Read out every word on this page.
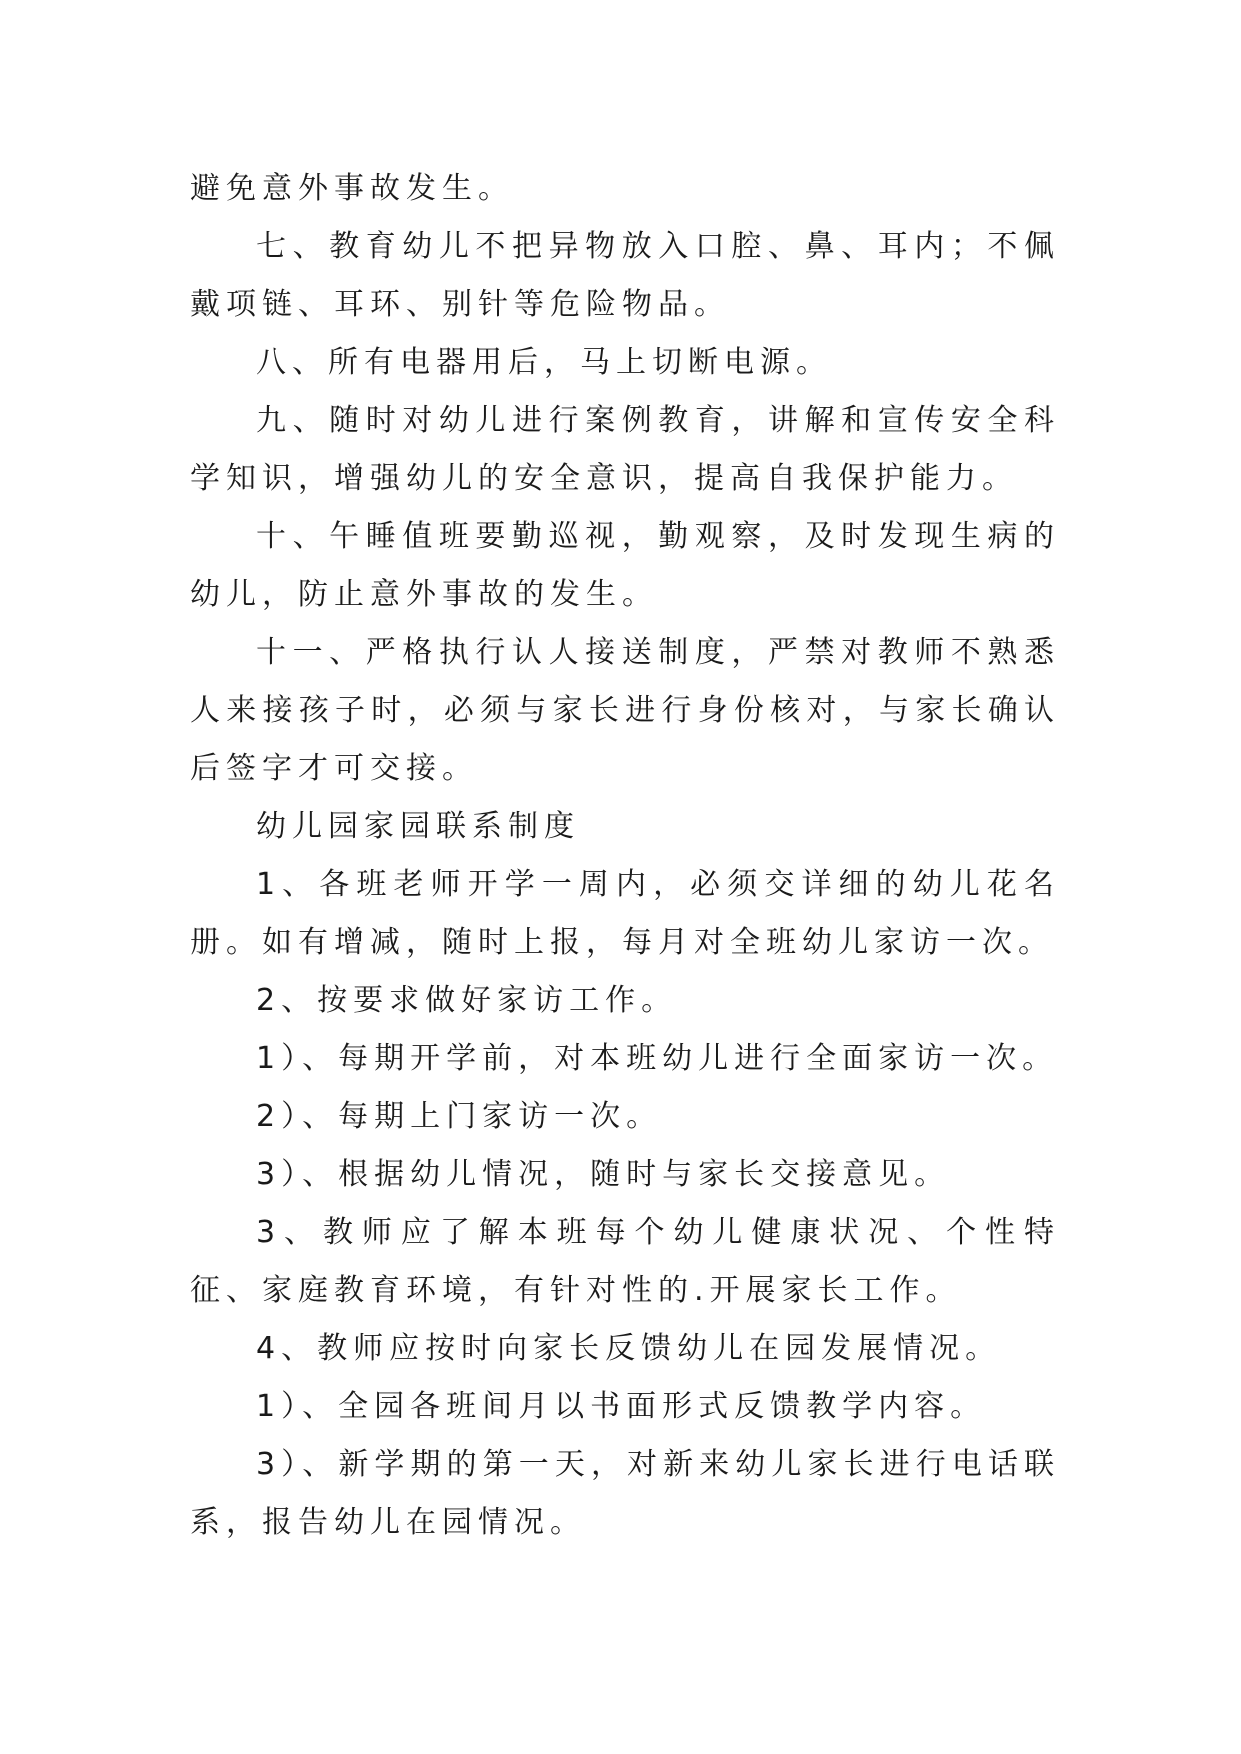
避免意外事故发生。

七、教育幼儿不把异物放入口腔、鼻、耳内；不佩戴项链、耳环、别针等危险物品。

八、所有电器用后，马上切断电源。

九、随时对幼儿进行案例教育，讲解和宣传安全科学知识，增强幼儿的安全意识，提高自我保护能力。

十、午睡值班要勤巡视，勤观察，及时发现生病的幼儿，防止意外事故的发生。

十一、严格执行认人接送制度，严禁对教师不熟悉人来接孩子时，必须与家长进行身份核对，与家长确认后签字才可交接。

幼儿园家园联系制度

1、各班老师开学一周内，必须交详细的幼儿花名册。如有增减，随时上报，每月对全班幼儿家访一次。

2、按要求做好家访工作。

1）、每期开学前，对本班幼儿进行全面家访一次。

2）、每期上门家访一次。

3）、根据幼儿情况，随时与家长交接意见。

3、教师应了解本班每个幼儿健康状况、个性特征、家庭教育环境，有针对性的.开展家长工作。

4、教师应按时向家长反馈幼儿在园发展情况。

1）、全园各班间月以书面形式反馈教学内容。

3）、新学期的第一天，对新来幼儿家长进行电话联系，报告幼儿在园情况。
